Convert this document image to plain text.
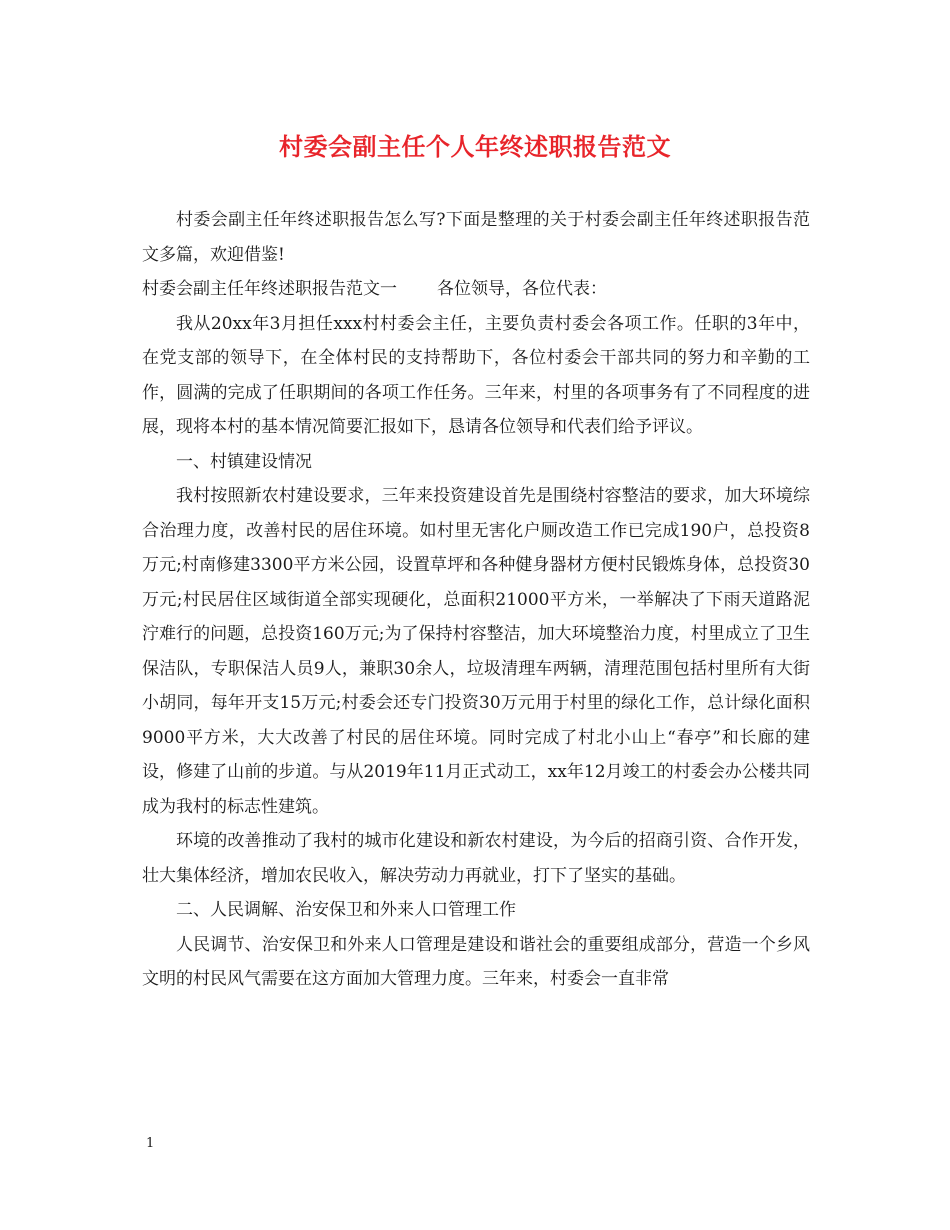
村委会副主任个人年终述职报告范文

村委会副主任年终述职报告怎么写?下面是整理的关于村委会副主任年终述职报告范文多篇，欢迎借鉴!

村委会副主任年终述职报告范文一 各位领导，各位代表：

我从20xx年3月担任xxx村村委会主任，主要负责村委会各项工作。任职的3年中，在党支部的领导下，在全体村民的支持帮助下，各位村委会干部共同的努力和辛勤的工作，圆满的完成了任职期间的各项工作任务。三年来，村里的各项事务有了不同程度的进展，现将本村的基本情况简要汇报如下，恳请各位领导和代表们给予评议。

一、村镇建设情况

我村按照新农村建设要求，三年来投资建设首先是围绕村容整洁的要求，加大环境综合治理力度，改善村民的居住环境。如村里无害化户厕改造工作已完成190户，总投资8万元;村南修建3300平方米公园，设置草坪和各种健身器材方便村民锻炼身体，总投资30万元;村民居住区域街道全部实现硬化，总面积21000平方米，一举解决了下雨天道路泥泞难行的问题，总投资160万元;为了保持村容整洁，加大环境整治力度，村里成立了卫生保洁队，专职保洁人员9人，兼职30余人，垃圾清理车两辆，清理范围包括村里所有大街小胡同，每年开支15万元;村委会还专门投资30万元用于村里的绿化工作，总计绿化面积9000平方米，大大改善了村民的居住环境。同时完成了村北小山上“春亭”和长廊的建设，修建了山前的步道。与从2019年11月正式动工，xx年12月竣工的村委会办公楼共同成为我村的标志性建筑。

环境的改善推动了我村的城市化建设和新农村建设，为今后的招商引资、合作开发，壮大集体经济，增加农民收入，解决劳动力再就业，打下了坚实的基础。

二、人民调解、治安保卫和外来人口管理工作

人民调节、治安保卫和外来人口管理是建设和谐社会的重要组成部分，营造一个乡风文明的村民风气需要在这方面加大管理力度。三年来，村委会一直非常

1
